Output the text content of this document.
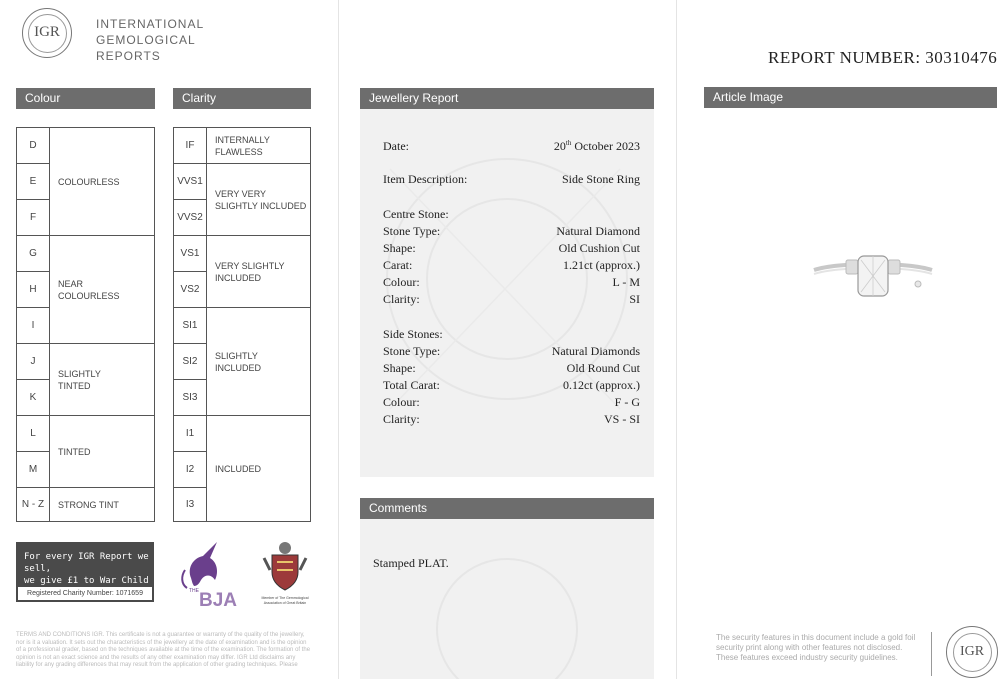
IGR	INTERNATIONAL
GEMOLOGICAL
REPORTS
Colour	Clarity
D	COLOURLESS
E	
F	
G	NEAR
COLOURLESS
H	
I	
J	SLIGHTLY
TINTED
K	
L	TINTED
M	
N - Z	STRONG TINT
IF	INTERNALLY FLAWLESS
VVS1	VERY VERY
SLIGHTLY INCLUDED
VVS2	
VS1	VERY SLIGHTLY
INCLUDED
VS2	
SI1	SLIGHTLY
INCLUDED
SI2	
SI3	
I1	INCLUDED
I2	
I3	
For every IGR Report we sell,
we give £1 to War Child
Registered Charity Number: 1071659	THE BJA	Member of The Gemmological
Association of Great Britain
TERMS AND CONDITIONS IGR. This certificate is not a guarantee or warranty of the quality of the jewellery, nor is it a valuation. It sets out the characteristics of the jewellery at the date of examination and is the opinion of a professional grader, based on the techniques available at the time of the examination. The formation of the opinion is not an exact science and the results of any other examination may differ. IGR Ltd disclaims any liability for any grading differences that may result from the application of other grading techniques. Please
Jewellery Report
Date:	20th October 2023
Item Description:	Side Stone Ring
Centre Stone:
Stone Type:	Natural Diamond
Shape:	Old Cushion Cut
Carat:	1.21ct (approx.)
Colour:	L - M
Clarity:	SI
Side Stones:
Stone Type:	Natural Diamonds
Shape:	Old Round Cut
Total Carat:	0.12ct (approx.)
Colour:	F - G
Clarity:	VS - SI
Comments
Stamped PLAT.
REPORT NUMBER: 30310476
Article Image
The security features in this document include a gold foil security print along with other features not disclosed. These features exceed industry security guidelines.	IGR
